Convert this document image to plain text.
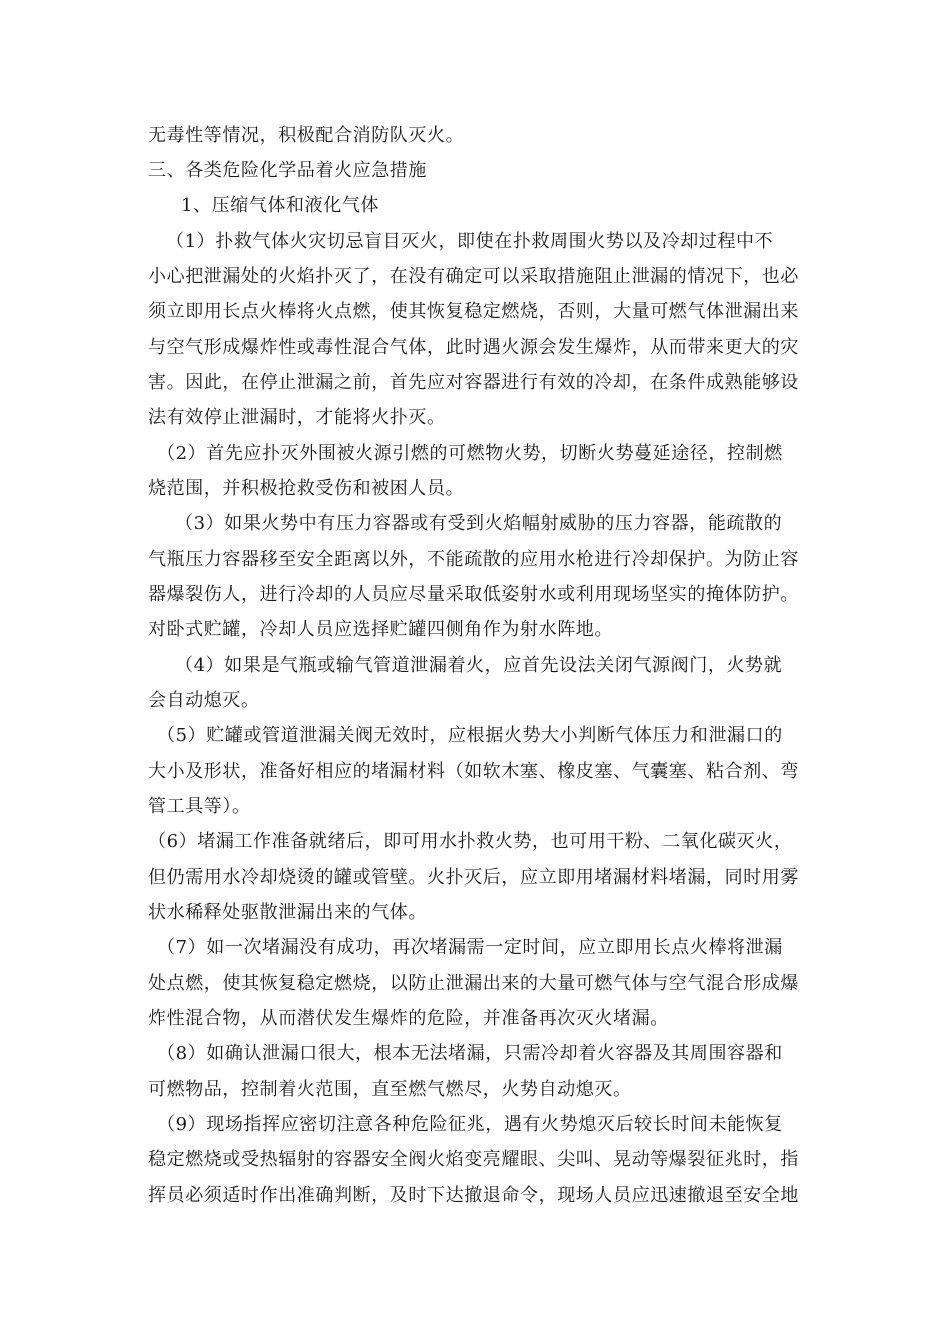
无毒性等情况，积极配合消防队灭火。

三、各类危险化学品着火应急措施

1、压缩气体和液化气体

（1）扑救气体火灾切忌盲目灭火，即使在扑救周围火势以及冷却过程中不

小心把泄漏处的火焰扑灭了，在没有确定可以采取措施阻止泄漏的情况下，也必

须立即用长点火棒将火点燃，使其恢复稳定燃烧，否则，大量可燃气体泄漏出来

与空气形成爆炸性或毒性混合气体，此时遇火源会发生爆炸，从而带来更大的灾

害。因此，在停止泄漏之前，首先应对容器进行有效的冷却，在条件成熟能够设

法有效停止泄漏时，才能将火扑灭。

（2）首先应扑灭外围被火源引燃的可燃物火势，切断火势蔓延途径，控制燃

烧范围，并积极抢救受伤和被困人员。

（3）如果火势中有压力容器或有受到火焰幅射威胁的压力容器，能疏散的

气瓶压力容器移至安全距离以外，不能疏散的应用水枪进行冷却保护。为防止容

器爆裂伤人，进行冷却的人员应尽量采取低姿射水或利用现场坚实的掩体防护。

对卧式贮罐，冷却人员应选择贮罐四侧角作为射水阵地。

（4）如果是气瓶或输气管道泄漏着火，应首先设法关闭气源阀门，火势就

会自动熄灭。

（5）贮罐或管道泄漏关阀无效时，应根据火势大小判断气体压力和泄漏口的

大小及形状，准备好相应的堵漏材料（如软木塞、橡皮塞、气囊塞、粘合剂、弯

管工具等）。

（6）堵漏工作准备就绪后，即可用水扑救火势，也可用干粉、二氧化碳灭火，

但仍需用水冷却烧烫的罐或管壁。火扑灭后，应立即用堵漏材料堵漏，同时用雾

状水稀释处驱散泄漏出来的气体。

（7）如一次堵漏没有成功，再次堵漏需一定时间，应立即用长点火棒将泄漏

处点燃，使其恢复稳定燃烧，以防止泄漏出来的大量可燃气体与空气混合形成爆

炸性混合物，从而潜伏发生爆炸的危险，并准备再次灭火堵漏。

（8）如确认泄漏口很大，根本无法堵漏，只需冷却着火容器及其周围容器和

可燃物品，控制着火范围，直至燃气燃尽，火势自动熄灭。

（9）现场指挥应密切注意各种危险征兆，遇有火势熄灭后较长时间未能恢复

稳定燃烧或受热辐射的容器安全阀火焰变亮耀眼、尖叫、晃动等爆裂征兆时，指

挥员必须适时作出准确判断，及时下达撤退命令，现场人员应迅速撤退至安全地
